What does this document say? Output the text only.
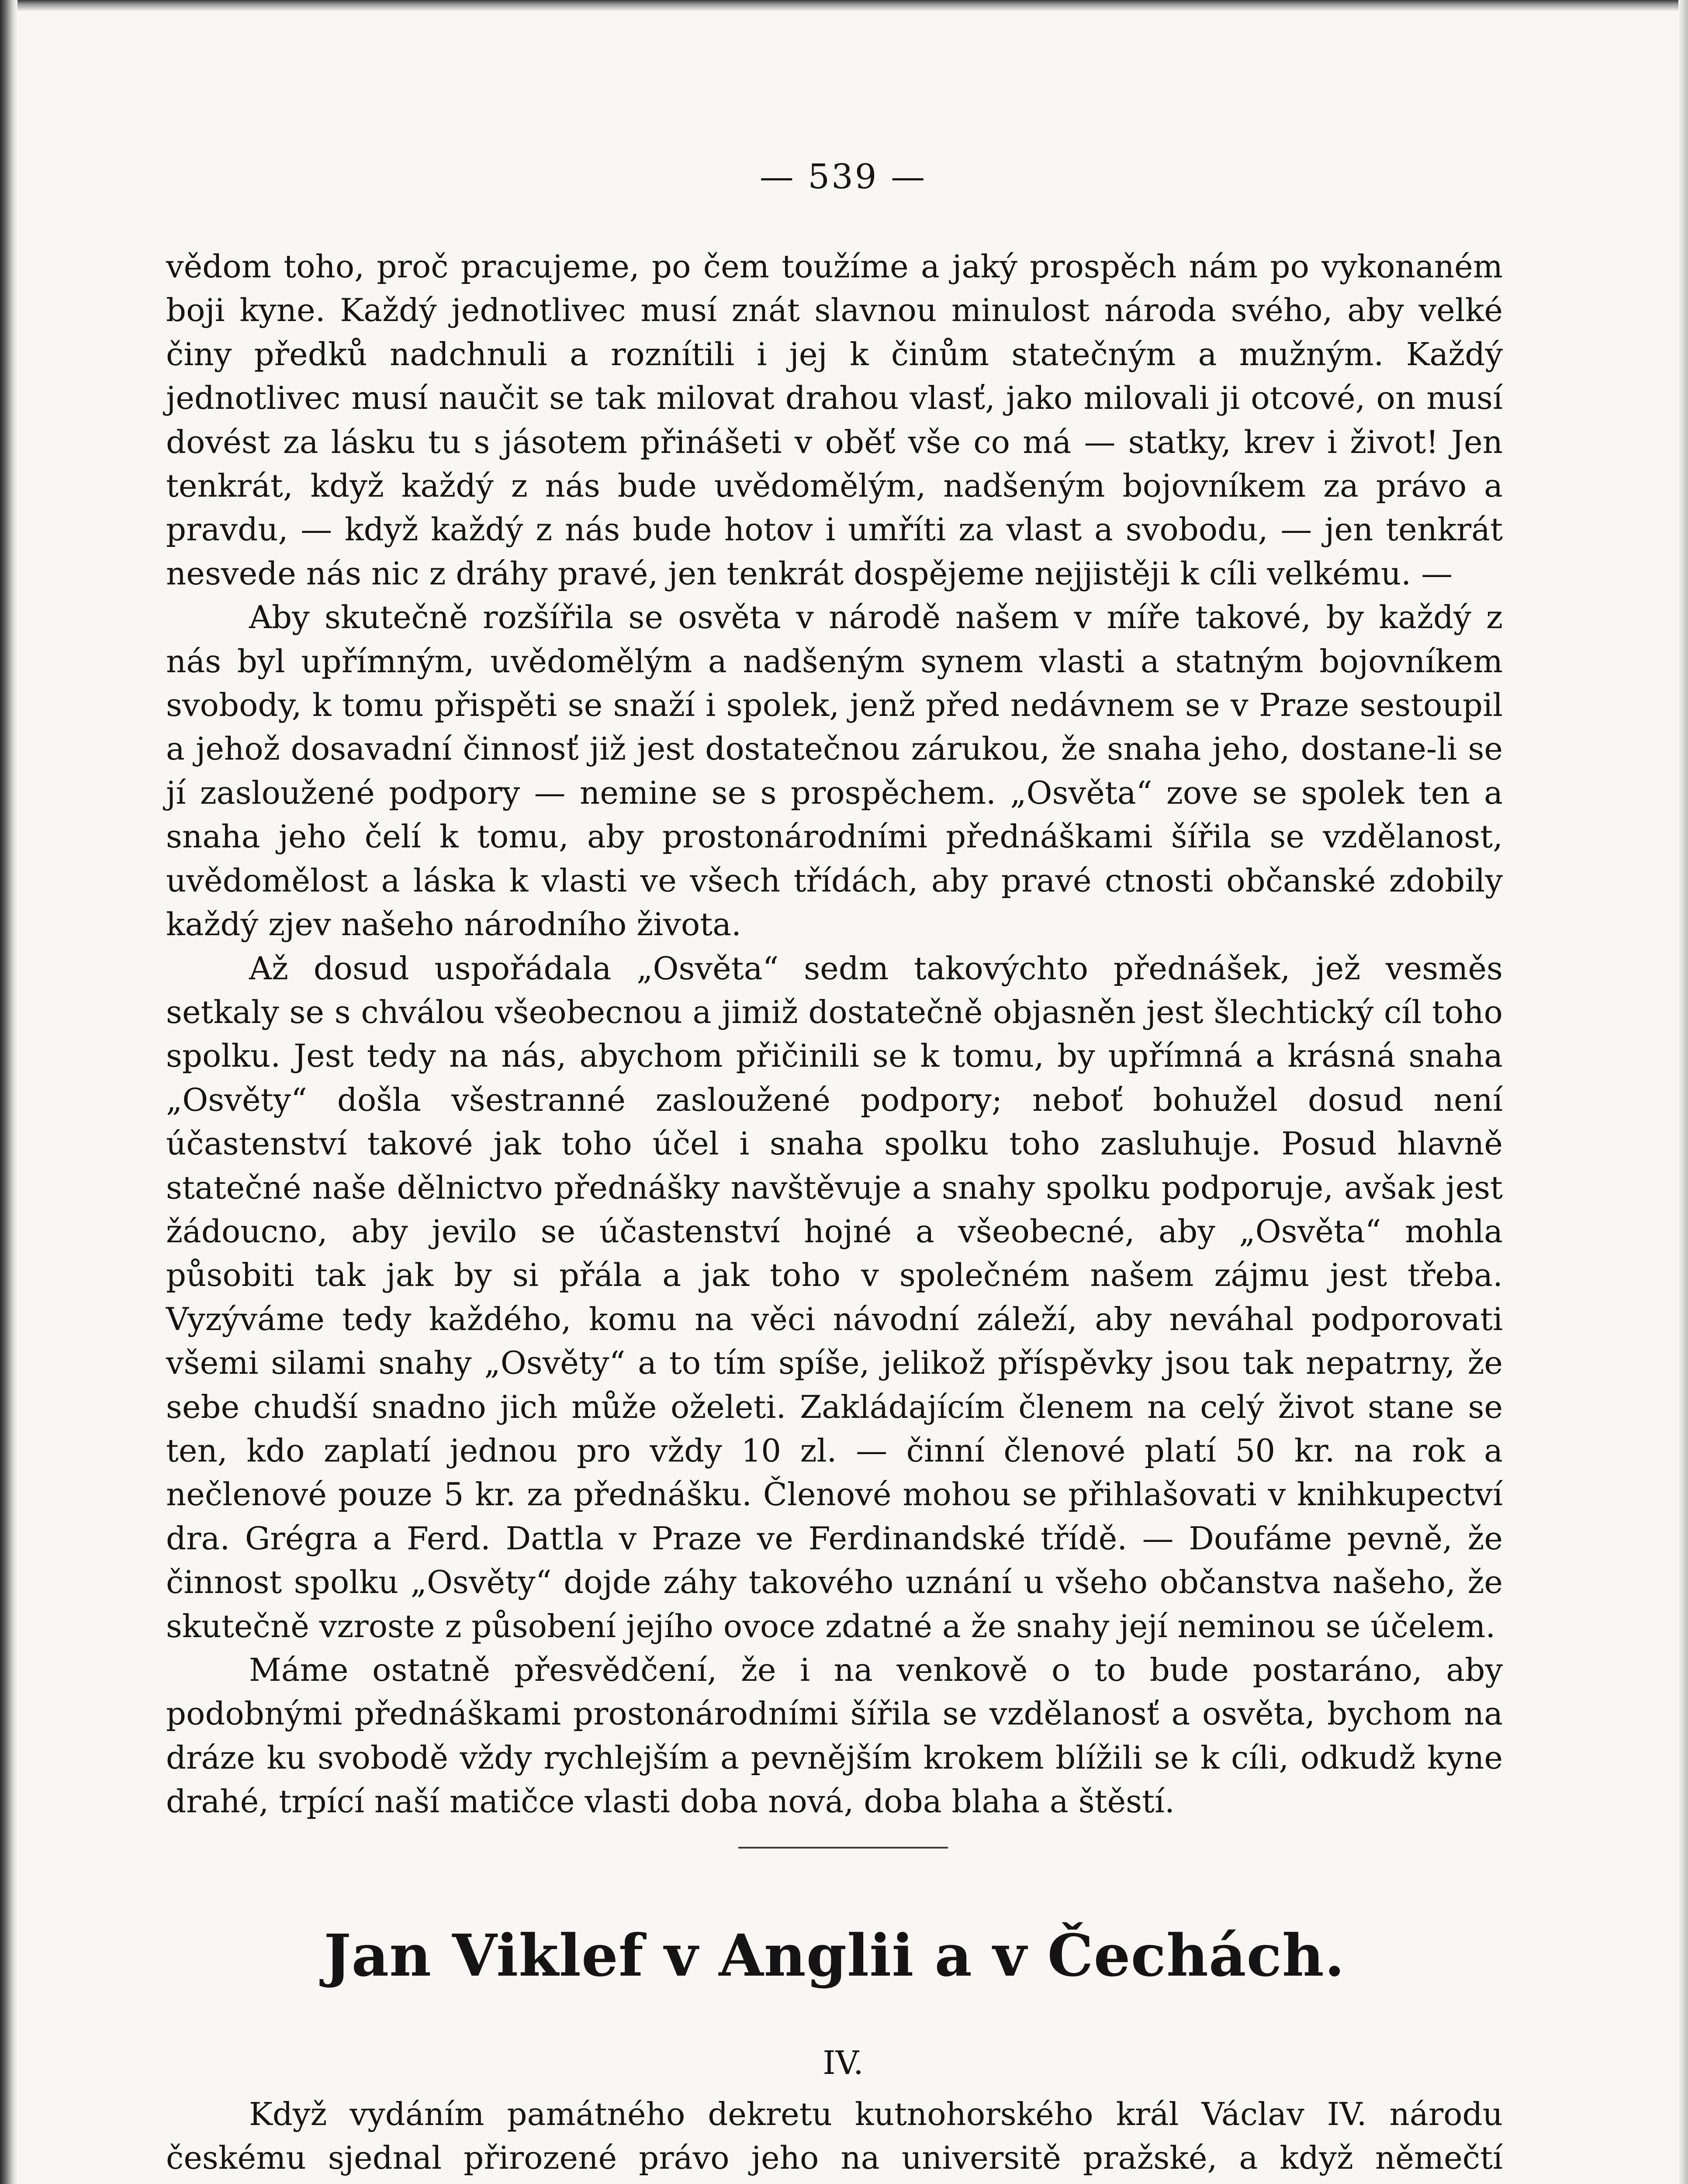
— 539 —

vědom toho, proč pracujeme, po čem toužíme a jaký prospěch nám po vykonaném boji kyne. Každý jednotlivec musí znát slavnou minulost národa svého, aby velké činy předků nadchnuli a roznítili i jej k činům statečným a mužným. Každý jednotlivec musí naučit se tak milovat drahou vlasť, jako milovali ji otcové, on musí dovést za lásku tu s jásotem přinášeti v oběť vše co má — statky, krev i život! Jen tenkrát, když každý z nás bude uvědomělým, nadšeným bojovníkem za právo a pravdu, — když každý z nás bude hotov i umříti za vlast a svobodu, — jen tenkrát nesvede nás nic z dráhy pravé, jen tenkrát dospějeme nejjistěji k cíli velkému. —

Aby skutečně rozšířila se osvěta v národě našem v míře takové, by každý z nás byl upřímným, uvědomělým a nadšeným synem vlasti a statným bojovníkem svobody, k tomu přispěti se snaží i spolek, jenž před nedávnem se v Praze sestoupil a jehož dosavadní činnosť již jest dostatečnou zárukou, že snaha jeho, dostane-li se jí zasloužené podpory — nemine se s prospěchem. „Osvěta“ zove se spolek ten a snaha jeho čelí k tomu, aby prostonárodními přednáškami šířila se vzdělanost, uvědomělost a láska k vlasti ve všech třídách, aby pravé ctnosti občanské zdobily každý zjev našeho národního života.

Až dosud uspořádala „Osvěta“ sedm takovýchto přednášek, jež vesměs setkaly se s chválou všeobecnou a jimiž dostatečně objasněn jest šlechtický cíl toho spolku. Jest tedy na nás, abychom přičinili se k tomu, by upřímná a krásná snaha „Osvěty“ došla všestranné zasloužené podpory; neboť bohužel dosud není účastenství takové jak toho účel i snaha spolku toho zasluhuje. Posud hlavně statečné naše dělnictvo přednášky navštěvuje a snahy spolku podporuje, avšak jest žádoucno, aby jevilo se účastenství hojné a všeobecné, aby „Osvěta“ mohla působiti tak jak by si přála a jak toho v společném našem zájmu jest třeba. Vyzýváme tedy každého, komu na věci návodní záleží, aby neváhal podporovati všemi silami snahy „Osvěty“ a to tím spíše, jelikož příspěvky jsou tak nepatrny, že sebe chudší snadno jich může oželeti. Zakládajícím členem na celý život stane se ten, kdo zaplatí jednou pro vždy 10 zl. — činní členové platí 50 kr. na rok a nečlenové pouze 5 kr. za přednášku. Členové mohou se přihlašovati v knihkupectví dra. Grégra a Ferd. Dattla v Praze ve Ferdinandské třídě. — Doufáme pevně, že činnost spolku „Osvěty“ dojde záhy takového uznání u všeho občanstva našeho, že skutečně vzroste z působení jejího ovoce zdatné a že snahy její neminou se účelem.

Máme ostatně přesvědčení, že i na venkově o to bude postaráno, aby podobnými přednáškami prostonárodními šířila se vzdělanosť a osvěta, bychom na dráze ku svobodě vždy rychlejším a pevnějším krokem blížili se k cíli, odkudž kyne drahé, trpící naší matičce vlasti doba nová, doba blaha a štěstí.

Jan Viklef v Anglii a v Čechách.

IV.

Když vydáním památného dekretu kutnohorského král Václav IV. národu českému sjednal přirozené právo jeho na universitě pražské, a když němečtí
